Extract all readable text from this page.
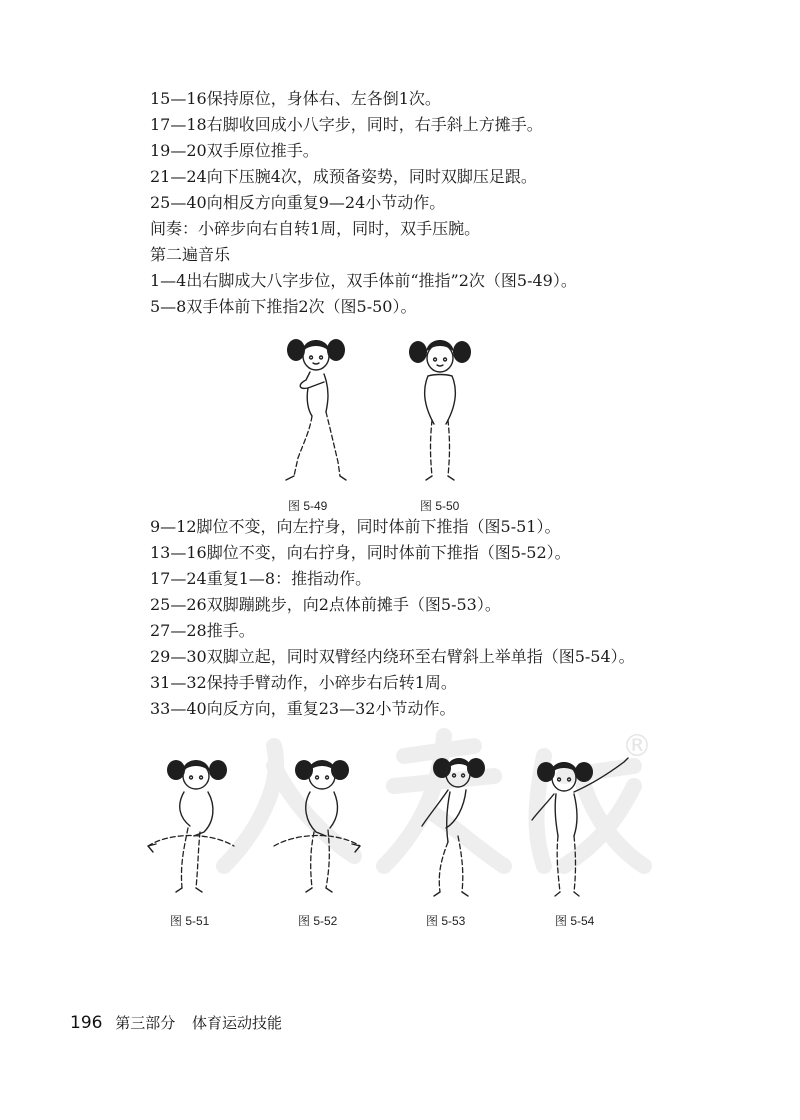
®
15—16保持原位，身体右、左各倒1次。
17—18右脚收回成小八字步，同时，右手斜上方摊手。
19—20双手原位推手。
21—24向下压腕4次，成预备姿势，同时双脚压足跟。
25—40向相反方向重复9—24小节动作。
间奏：小碎步向右自转1周，同时，双手压腕。
第二遍音乐
1—4出右脚成大八字步位，双手体前“推指”2次（图5-49）。
5—8双手体前下推指2次（图5-50）。
图 5-49	图 5-50
9—12脚位不变，向左拧身，同时体前下推指（图5-51）。
13—16脚位不变，向右拧身，同时体前下推指（图5-52）。
17—24重复1—8：推指动作。
25—26双脚蹦跳步，向2点体前摊手（图5-53）。
27—28推手。
29—30双脚立起，同时双臂经内绕环至右臂斜上举单指（图5-54）。
31—32保持手臂动作，小碎步右后转1周。
33—40向反方向，重复23—32小节动作。
图 5-51	图 5-52	图 5-53	图 5-54
196 第三部分 体育运动技能
